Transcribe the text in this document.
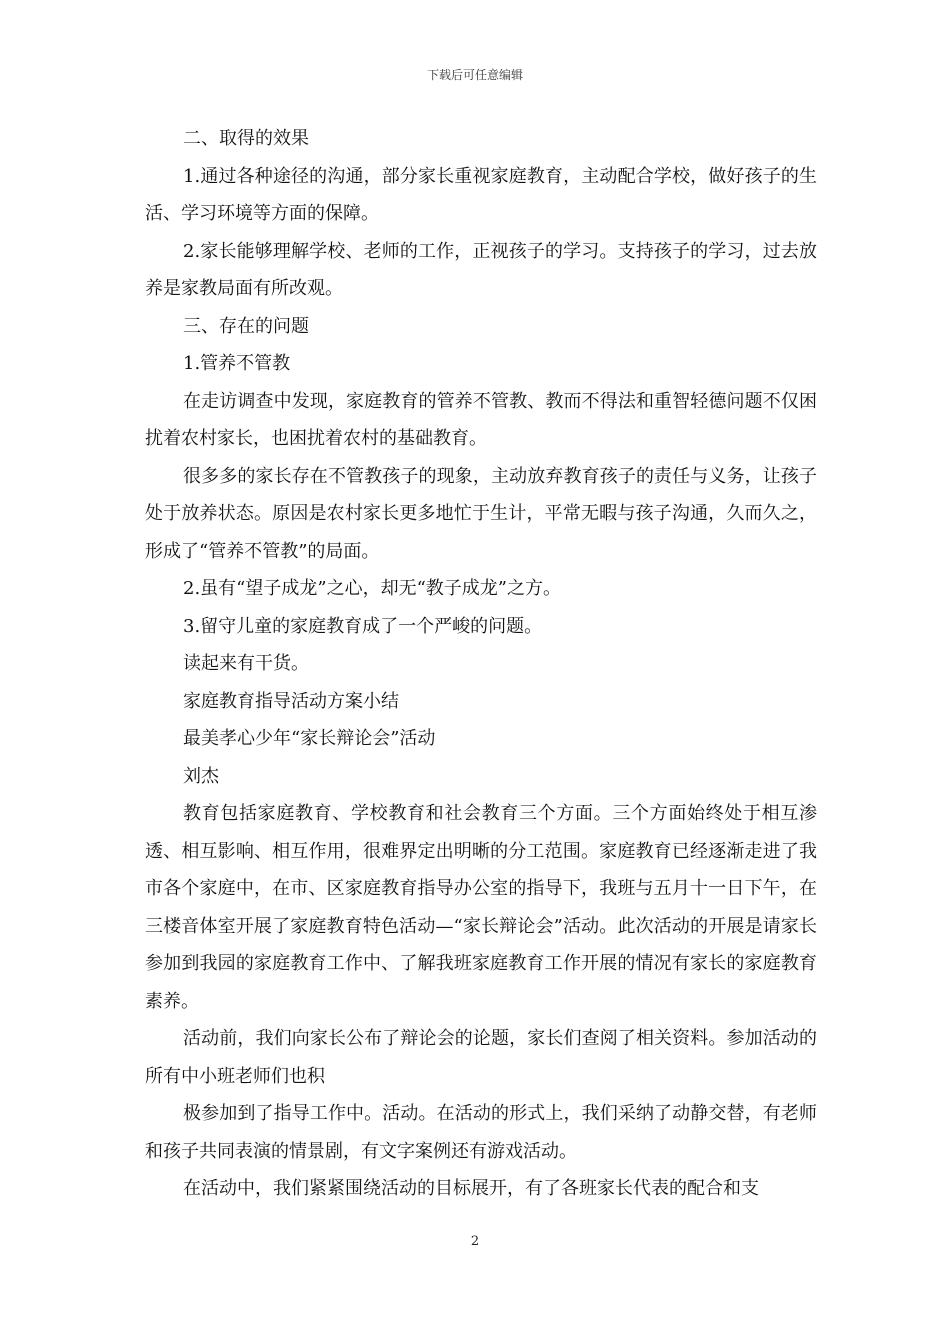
下载后可任意编辑

二、取得的效果

1.通过各种途径的沟通，部分家长重视家庭教育，主动配合学校，做好孩子的生活、学习环境等方面的保障。

2.家长能够理解学校、老师的工作，正视孩子的学习。支持孩子的学习，过去放养是家教局面有所改观。

三、存在的问题

1.管养不管教

在走访调查中发现，家庭教育的管养不管教、教而不得法和重智轻德问题不仅困扰着农村家长，也困扰着农村的基础教育。

很多多的家长存在不管教孩子的现象，主动放弃教育孩子的责任与义务，让孩子处于放养状态。原因是农村家长更多地忙于生计，平常无暇与孩子沟通，久而久之，形成了“管养不管教”的局面。

2.虽有“望子成龙”之心，却无“教子成龙”之方。

3.留守儿童的家庭教育成了一个严峻的问题。

读起来有干货。

家庭教育指导活动方案小结

最美孝心少年“家长辩论会”活动

刘杰

教育包括家庭教育、学校教育和社会教育三个方面。三个方面始终处于相互渗透、相互影响、相互作用，很难界定出明晰的分工范围。家庭教育已经逐渐走进了我市各个家庭中，在市、区家庭教育指导办公室的指导下，我班与五月十一日下午，在三楼音体室开展了家庭教育特色活动—“家长辩论会”活动。此次活动的开展是请家长参加到我园的家庭教育工作中、了解我班家庭教育工作开展的情况有家长的家庭教育素养。

活动前，我们向家长公布了辩论会的论题，家长们查阅了相关资料。参加活动的所有中小班老师们也积

极参加到了指导工作中。活动。在活动的形式上，我们采纳了动静交替，有老师和孩子共同表演的情景剧，有文字案例还有游戏活动。

在活动中，我们紧紧围绕活动的目标展开，有了各班家长代表的配合和支

2
